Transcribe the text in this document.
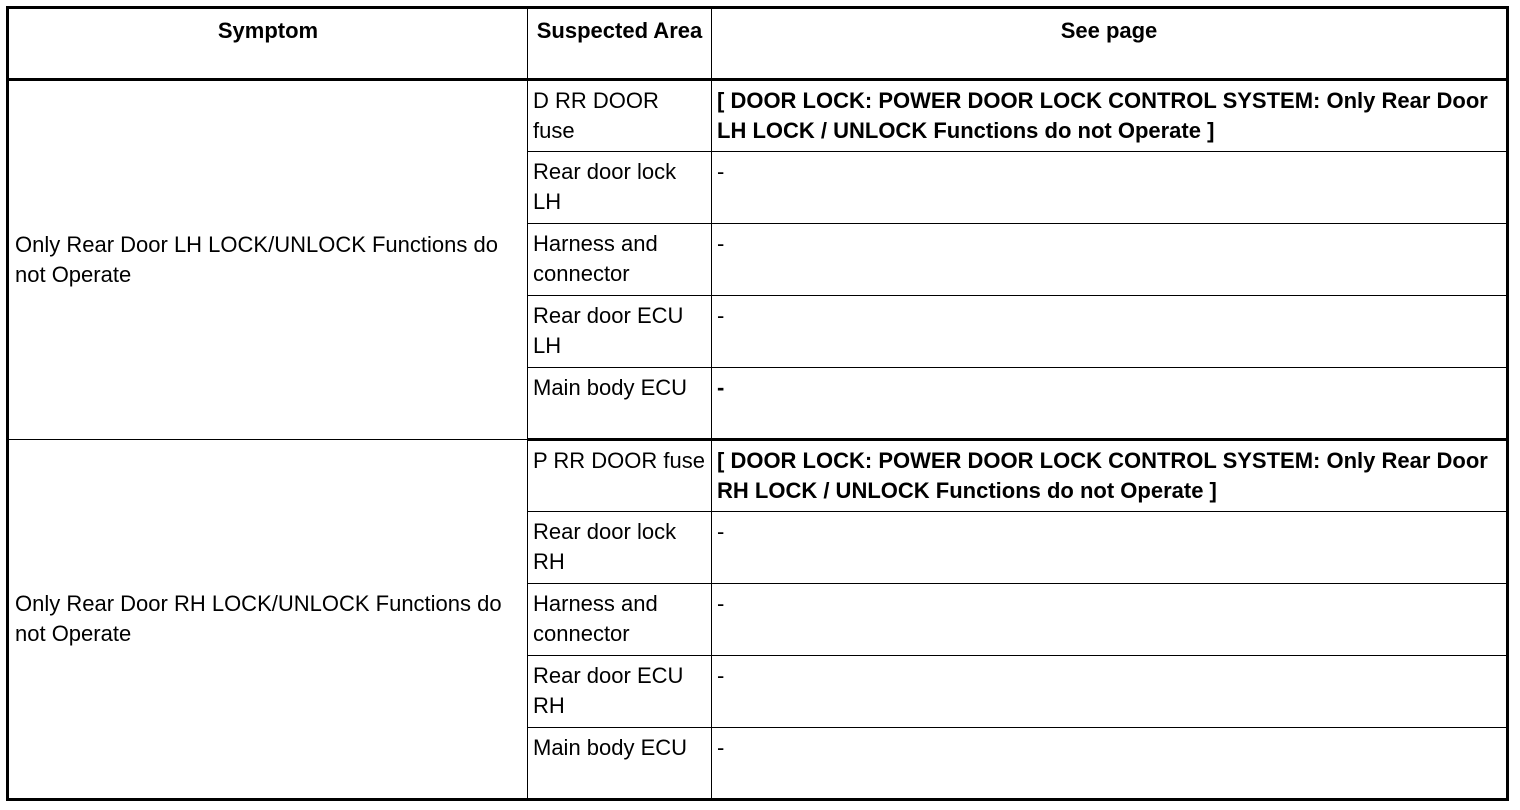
Symptom	Suspected Area	See page
Only Rear Door LH LOCK/UNLOCK Functions do not Operate	D RR DOOR fuse	[ DOOR LOCK: POWER DOOR LOCK CONTROL SYSTEM: Only Rear Door LH LOCK / UNLOCK Functions do not Operate ]
	Rear door lock LH	-
	Harness and connector	-
	Rear door ECU LH	-
	Main body ECU	-
Only Rear Door RH LOCK/UNLOCK Functions do not Operate	P RR DOOR fuse	[ DOOR LOCK: POWER DOOR LOCK CONTROL SYSTEM: Only Rear Door RH LOCK / UNLOCK Functions do not Operate ]
	Rear door lock RH	-
	Harness and connector	-
	Rear door ECU RH	-
	Main body ECU	-
